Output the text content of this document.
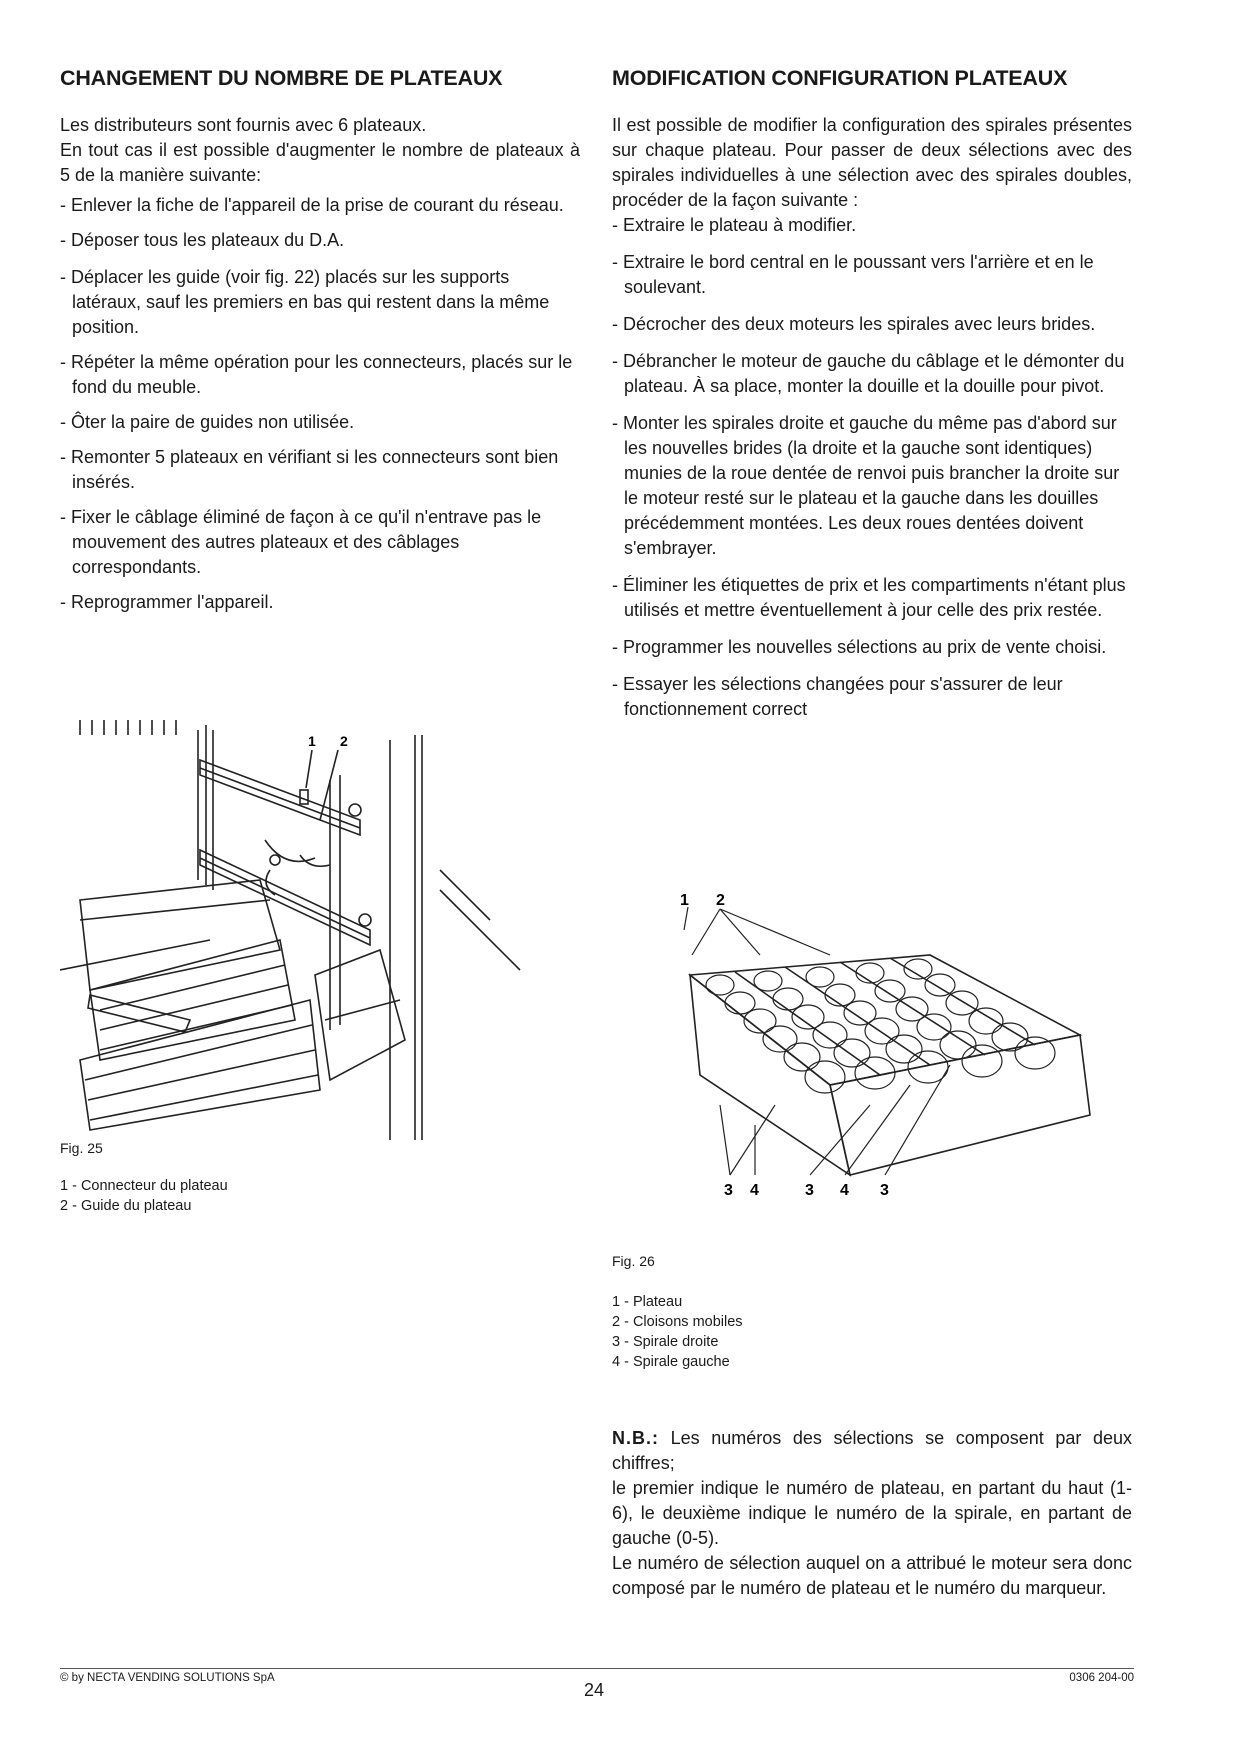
CHANGEMENT DU NOMBRE DE PLATEAUX

Les distributeurs sont fournis avec 6 plateaux.

En tout cas il est possible d'augmenter le nombre de plateaux à 5 de la manière suivante:

- Enlever la fiche de l'appareil de la prise de courant du réseau.
- Déposer tous les plateaux du D.A.
- Déplacer les guide (voir fig. 22) placés sur les supports latéraux, sauf les premiers en bas qui restent dans la même position.
- Répéter la même opération pour les connecteurs, placés sur le fond du meuble.
- Ôter la paire de guides non utilisée.
- Remonter 5 plateaux en vérifiant si les connecteurs sont bien insérés.
- Fixer le câblage éliminé de façon à ce qu'il n'entrave pas le mouvement des autres plateaux et des câblages correspondants.
- Reprogrammer l'appareil.
1 2
Fig. 25
1 - Connecteur du plateau
2 - Guide du plateau
MODIFICATION CONFIGURATION PLATEAUX

Il est possible de modifier la configuration des spirales présentes sur chaque plateau. Pour passer de deux sélections avec des spirales individuelles à une sélection avec des spirales doubles, procéder de la façon suivante :

- Extraire le plateau à modifier.
- Extraire le bord central en le poussant vers l'arrière et en le soulevant.
- Décrocher des deux moteurs les spirales avec leurs brides.
- Débrancher le moteur de gauche du câblage et le démonter du plateau. À sa place, monter la douille et la douille pour pivot.
- Monter les spirales droite et gauche du même pas d'abord sur les nouvelles brides (la droite et la gauche sont identiques) munies de la roue dentée de renvoi puis brancher la droite sur le moteur resté sur le plateau et la gauche dans les douilles précédemment montées. Les deux roues dentées doivent s'embrayer.
- Éliminer les étiquettes de prix et les compartiments n'étant plus utilisés et mettre éventuellement à jour celle des prix restée.
- Programmer les nouvelles sélections au prix de vente choisi.
- Essayer les sélections changées pour s'assurer de leur fonctionnement correct
1 2
3 4	3 4 3
Fig. 26
1 - Plateau
2 - Cloisons mobiles
3 - Spirale droite
4 - Spirale gauche

N.B.: Les numéros des sélections se composent par deux chiffres;

le premier indique le numéro de plateau, en partant du haut (1-6), le deuxième indique le numéro de la spirale, en partant de gauche (0-5).

Le numéro de sélection auquel on a attribué le moteur sera donc composé par le numéro de plateau et le numéro du marqueur.

© by NECTA VENDING SOLUTIONS SpA
24
0306 204-00
